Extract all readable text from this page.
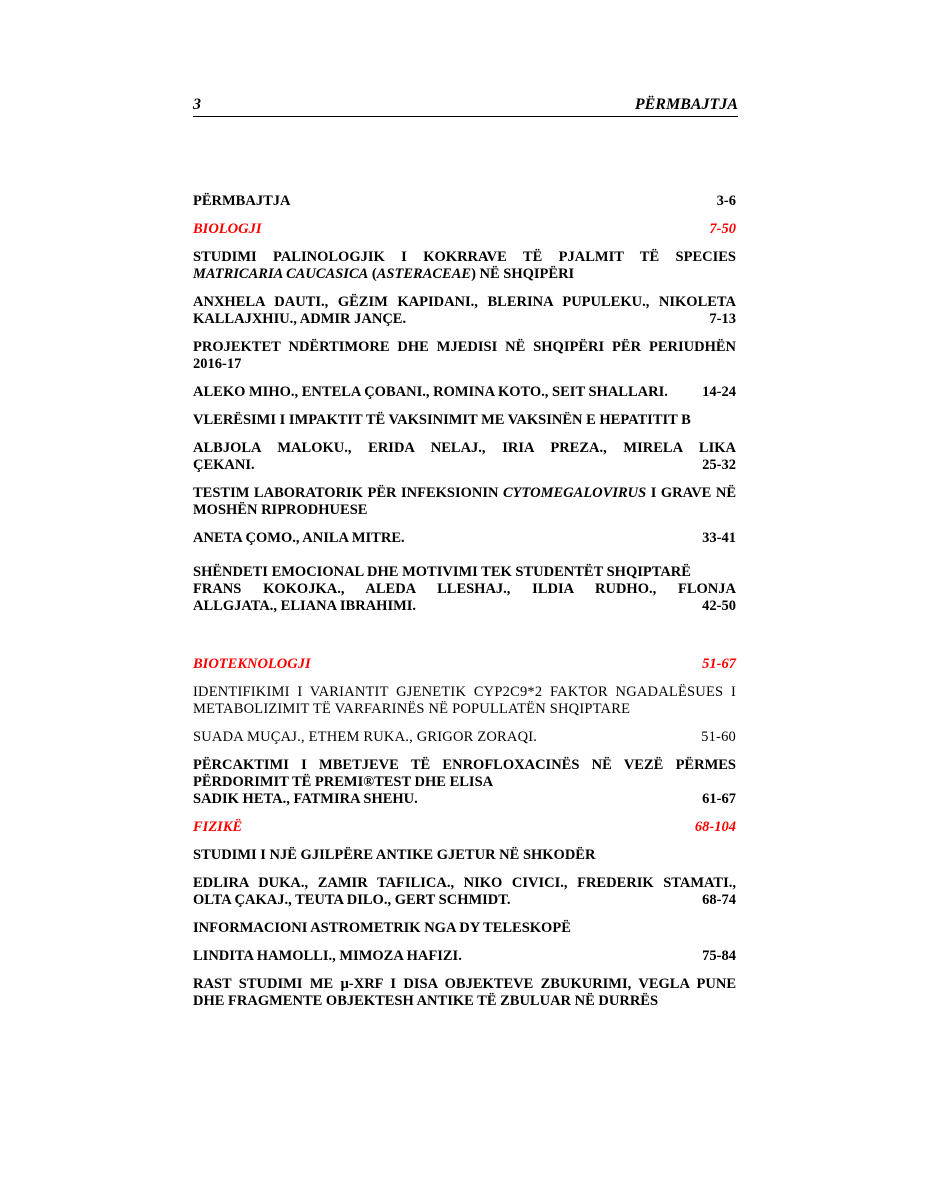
3	PËRMBAJTJA
PËRMBAJTJA	3-6
BIOLOGJI	7-50
STUDIMI PALINOLOGJIK I KOKRRAVE TË PJALMIT TË SPECIES MATRICARIA CAUCASICA (ASTERACEAE) NË SHQIPËRI
ANXHELA DAUTI., GËZIM KAPIDANI., BLERINA PUPULEKU., NIKOLETA
KALLAJXHIU., ADMIR JANÇE.	7-13
PROJEKTET NDËRTIMORE DHE MJEDISI NË SHQIPËRI PËR PERIUDHËN 2016-17
ALEKO MIHO., ENTELA ÇOBANI., ROMINA KOTO., SEIT SHALLARI. 14-24
VLERËSIMI I IMPAKTIT TË VAKSINIMIT ME VAKSINËN E HEPATITIT B
ALBJOLA MALOKU., ERIDA NELAJ., IRIA PREZA., MIRELA LIKA
ÇEKANI.	25-32
TESTIM LABORATORIK PËR INFEKSIONIN CYTOMEGALOVIRUS I GRAVE NË MOSHËN RIPRODHUESE
ANETA ÇOMO., ANILA MITRE.	33-41
SHËNDETI EMOCIONAL DHE MOTIVIMI TEK STUDENTËT SHQIPTARË
FRANS KOKOJKA., ALEDA LLESHAJ., ILDIA RUDHO., FLONJA
ALLGJATA., ELIANA IBRAHIMI.	42-50
BIOTEKNOLOGJI	51-67
IDENTIFIKIMI I VARIANTIT GJENETIK CYP2C9*2 FAKTOR NGADALËSUES I METABOLIZIMIT TË VARFARINËS NË POPULLATËN SHQIPTARE
SUADA MUÇAJ., ETHEM RUKA., GRIGOR ZORAQI.	51-60
PËRCAKTIMI I MBETJEVE TË ENROFLOXACINËS NË VEZË PËRMES PËRDORIMIT TË PREMI®TEST DHE ELISA
SADIK HETA., FATMIRA SHEHU.	61-67
FIZIKË	68-104
STUDIMI I NJË GJILPËRE ANTIKE GJETUR NË SHKODËR
EDLIRA DUKA., ZAMIR TAFILICA., NIKO CIVICI., FREDERIK STAMATI.,
OLTA ÇAKAJ., TEUTA DILO., GERT SCHMIDT.	68-74
INFORMACIONI ASTROMETRIK NGA DY TELESKOPË
LINDITA HAMOLLI., MIMOZA HAFIZI.	75-84
RAST STUDIMI ME µ-XRF I DISA OBJEKTEVE ZBUKURIMI, VEGLA PUNE DHE FRAGMENTE OBJEKTESH ANTIKE TË ZBULUAR NË DURRËS
